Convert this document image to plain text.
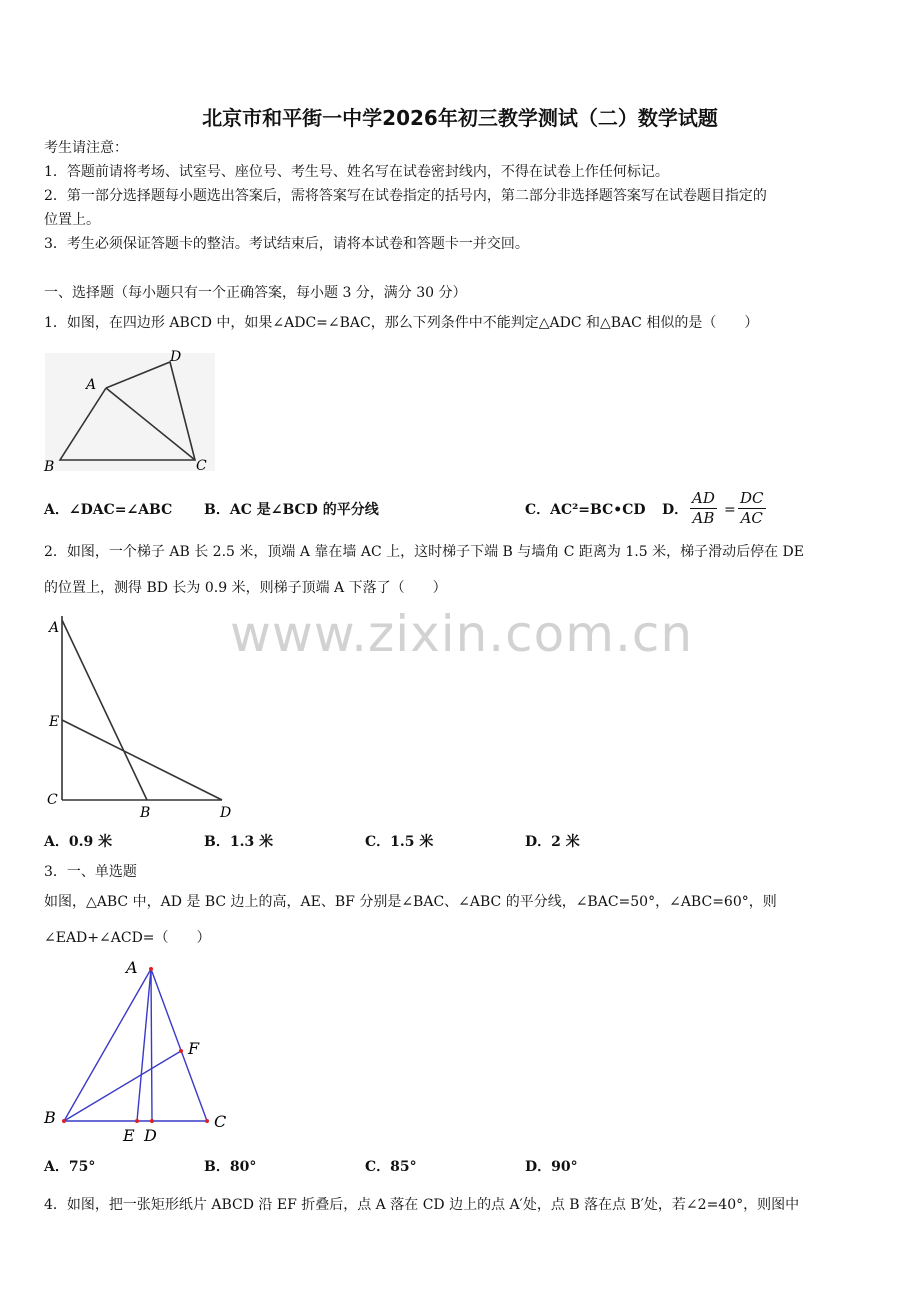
北京市和平街一中学2026年初三教学测试（二）数学试题
www.zixin.com.cn
考生请注意：
1．答题前请将考场、试室号、座位号、考生号、姓名写在试卷密封线内，不得在试卷上作任何标记。
2．第一部分选择题每小题选出答案后，需将答案写在试卷指定的括号内，第二部分非选择题答案写在试卷题目指定的
位置上。
3．考生必须保证答题卡的整洁。考试结束后，请将本试卷和答题卡一并交回。
一、选择题（每小题只有一个正确答案，每小题 3 分，满分 30 分）
1．如图，在四边形 ABCD 中，如果∠ADC=∠BAC，那么下列条件中不能判定△ADC 和△BAC 相似的是（　　）
A
D
B	C
A．∠DAC=∠ABC B．AC 是∠BCD 的平分线	C．AC²=BC•CD D． $\frac{AD}{AB} = \frac{DC}{AC}$
2．如图，一个梯子 AB 长 2.5 米，顶端 A 靠在墙 AC 上，这时梯子下端 B 与墙角 C 距离为 1.5 米，梯子滑动后停在 DE
的位置上，测得 BD 长为 0.9 米，则梯子顶端 A 下落了（　　）
A
E
C
B	D
A．0.9 米	B．1.3 米	C．1.5 米	D．2 米
3．一、单选题
如图，△ABC 中，AD 是 BC 边上的高，AE、BF 分别是∠BAC、∠ABC 的平分线，∠BAC=50°，∠ABC=60°，则
∠EAD+∠ACD=（　　）
A
F
B
E D
C
A．75°	B．80°	C．85°	D．90°
4．如图，把一张矩形纸片 ABCD 沿 EF 折叠后，点 A 落在 CD 边上的点 A′处，点 B 落在点 B′处，若∠2=40°，则图中
